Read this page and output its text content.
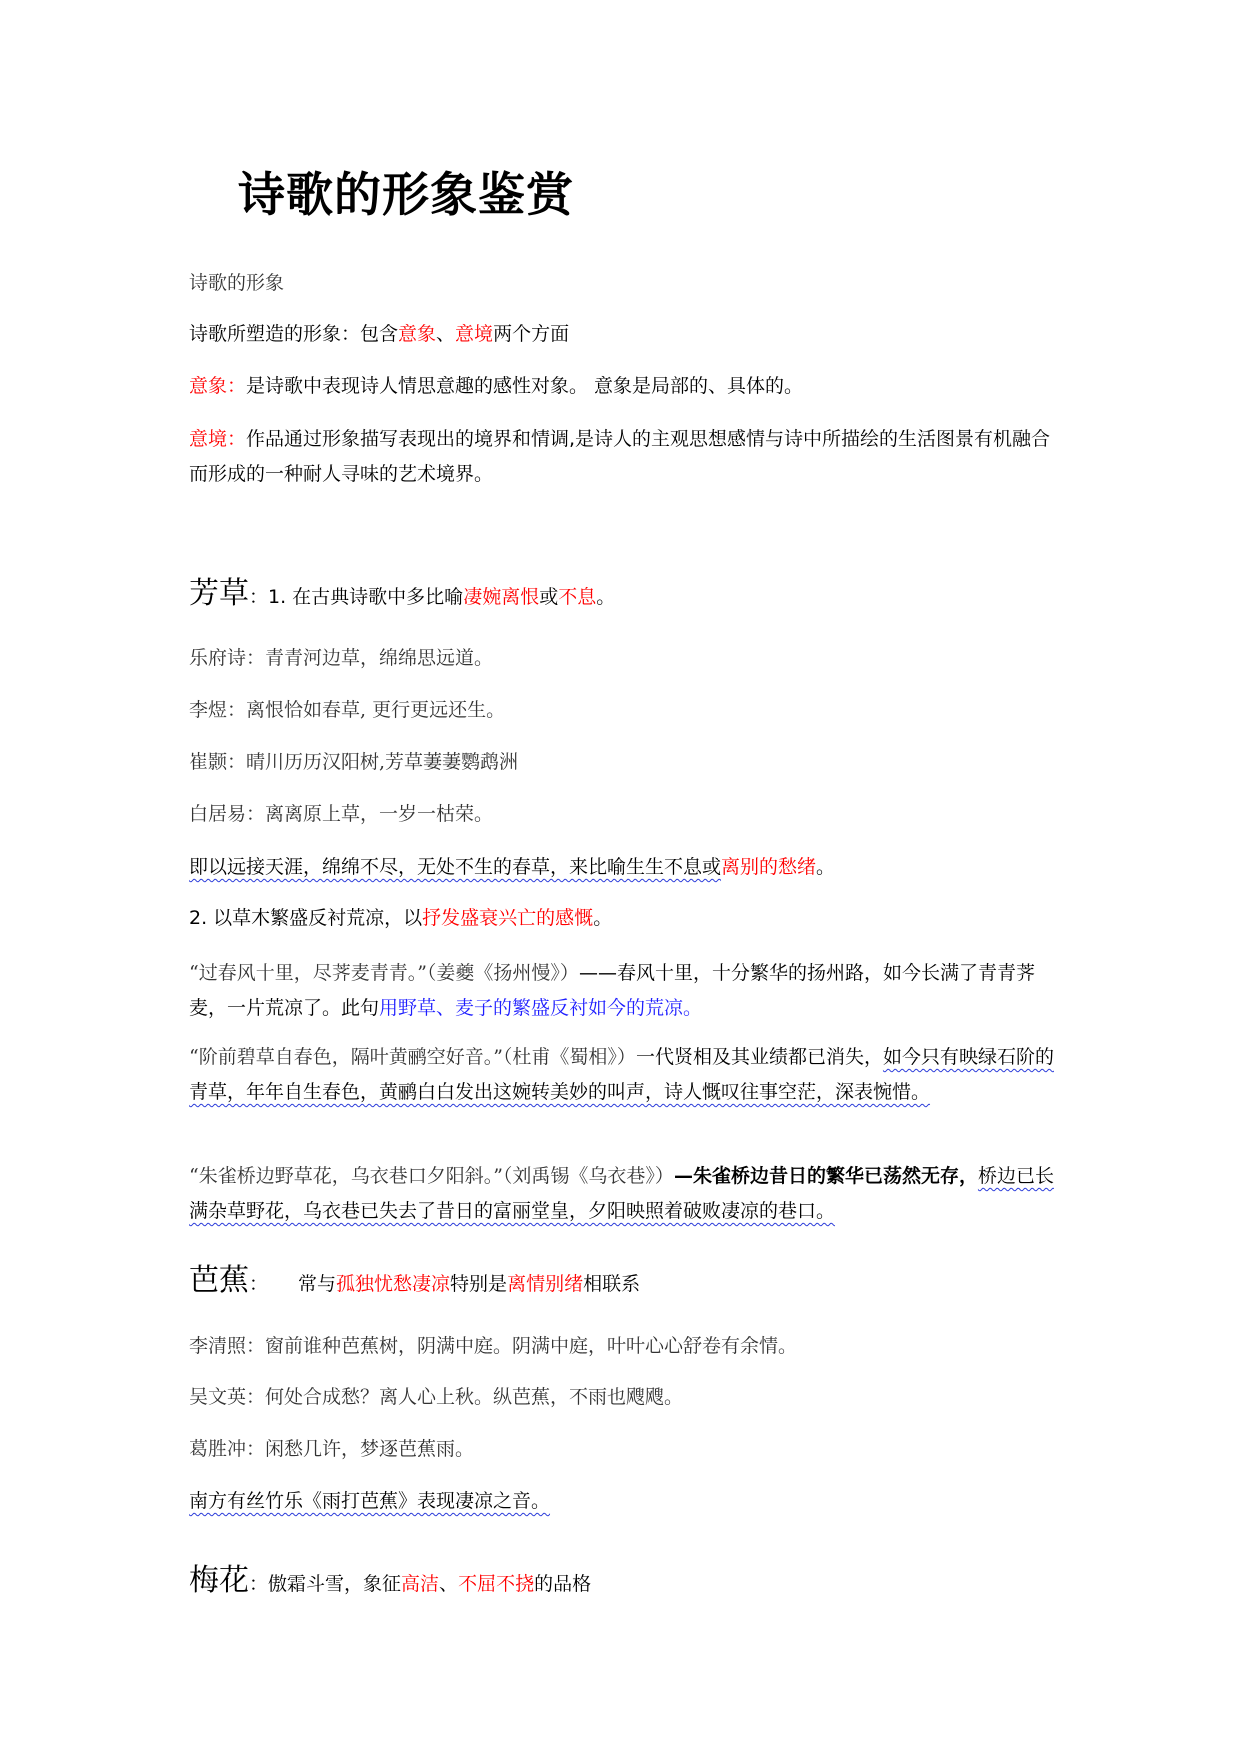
诗歌的形象鉴赏

诗歌的形象

诗歌所塑造的形象：包含意象、意境两个方面

意象：是诗歌中表现诗人情思意趣的感性对象。 意象是局部的、具体的。

意境：作品通过形象描写表现出的境界和情调,是诗人的主观思想感情与诗中所描绘的生活图景有机融合而形成的一种耐人寻味的艺术境界。

芳草：1. 在古典诗歌中多比喻凄婉离恨或不息。

乐府诗：青青河边草，绵绵思远道。

李煜：离恨恰如春草, 更行更远还生。

崔颢：晴川历历汉阳树,芳草萋萋鹦鹉洲

白居易：离离原上草，一岁一枯荣。

即以远接天涯，绵绵不尽，无处不生的春草，来比喻生生不息或离别的愁绪。

2. 以草木繁盛反衬荒凉，以抒发盛衰兴亡的感慨。

“过春风十里，尽荠麦青青。”（姜夔《扬州慢》）——春风十里，十分繁华的扬州路，如今长满了青青荠麦，一片荒凉了。此句用野草、麦子的繁盛反衬如今的荒凉。

“阶前碧草自春色，隔叶黄鹂空好音。”（杜甫《蜀相》）一代贤相及其业绩都已消失，如今只有映绿石阶的青草，年年自生春色，黄鹂白白发出这婉转美妙的叫声，诗人慨叹往事空茫，深表惋惜。

“朱雀桥边野草花，乌衣巷口夕阳斜。”（刘禹锡《乌衣巷》）—朱雀桥边昔日的繁华已荡然无存，桥边已长满杂草野花，乌衣巷已失去了昔日的富丽堂皇，夕阳映照着破败凄凉的巷口。

芭蕉： 常与孤独忧愁凄凉特别是离情别绪相联系

李清照：窗前谁种芭蕉树，阴满中庭。阴满中庭，叶叶心心舒卷有余情。

吴文英：何处合成愁？离人心上秋。纵芭蕉，不雨也飕飕。

葛胜冲：闲愁几许，梦逐芭蕉雨。

南方有丝竹乐《雨打芭蕉》表现凄凉之音。

梅花：傲霜斗雪，象征高洁、不屈不挠的品格
